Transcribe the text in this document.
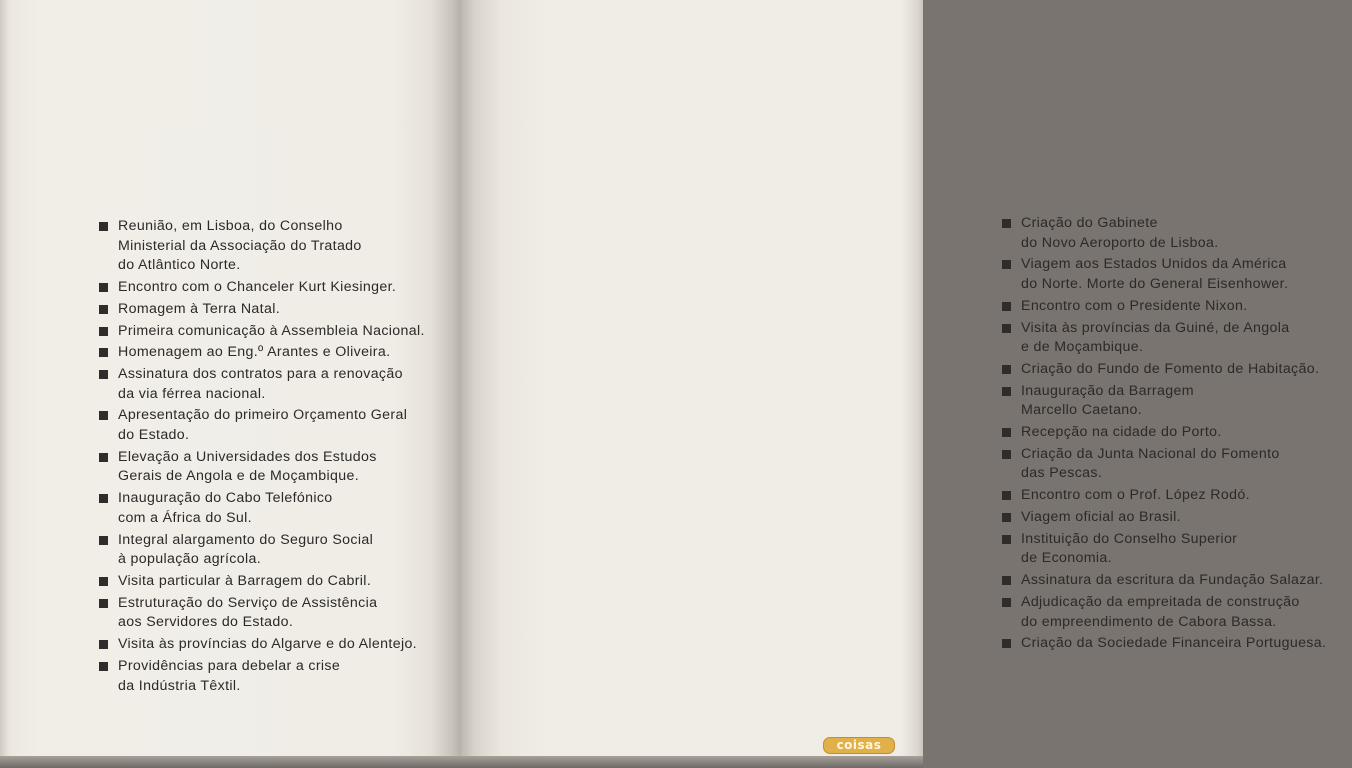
Reunião, em Lisboa, do Conselho
Ministerial da Associação do Tratado
do Atlântico Norte.
Encontro com o Chanceler Kurt Kiesinger.
Romagem à Terra Natal.
Primeira comunicação à Assembleia Nacional.
Homenagem ao Eng.º Arantes e Oliveira.
Assinatura dos contratos para a renovação
da via férrea nacional.
Apresentação do primeiro Orçamento Geral
do Estado.
Elevação a Universidades dos Estudos
Gerais de Angola e de Moçambique.
Inauguração do Cabo Telefónico
com a África do Sul.
Integral alargamento do Seguro Social
à população agrícola.
Visita particular à Barragem do Cabril.
Estruturação do Serviço de Assistência
aos Servidores do Estado.
Visita às províncias do Algarve e do Alentejo.
Providências para debelar a crise
da Indústria Têxtil.
Criação do Gabinete
do Novo Aeroporto de Lisboa.
Viagem aos Estados Unidos da América
do Norte. Morte do General Eisenhower.
Encontro com o Presidente Nixon.
Visita às províncias da Guiné, de Angola
e de Moçambique.
Criação do Fundo de Fomento de Habitação.
Inauguração da Barragem
Marcello Caetano.
Recepção na cidade do Porto.
Criação da Junta Nacional do Fomento
das Pescas.
Encontro com o Prof. López Rodó.
Viagem oficial ao Brasil.
Instituição do Conselho Superior
de Economia.
Assinatura da escritura da Fundação Salazar.
Adjudicação da empreitada de construção
do empreendimento de Cabora Bassa.
Criação da Sociedade Financeira Portuguesa.
coisas
